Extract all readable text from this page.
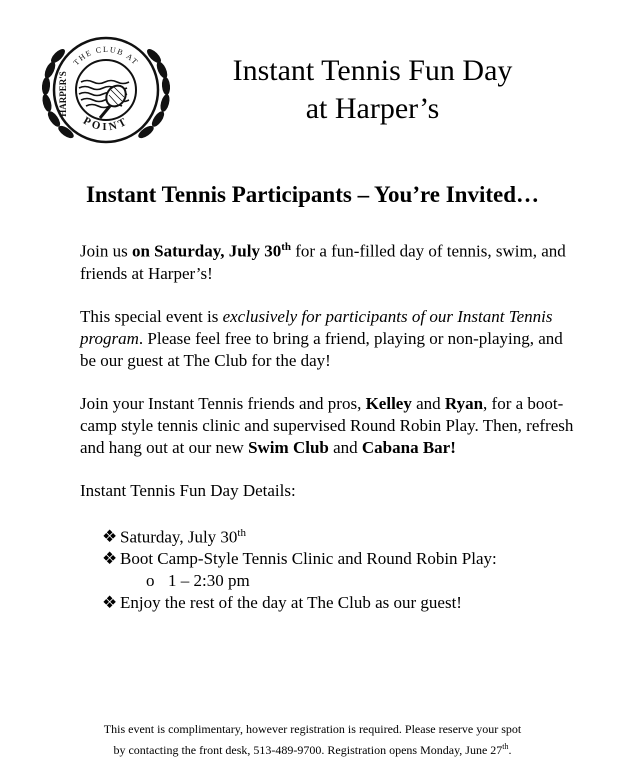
THE CLUB AT
HARPER'S
POINT
Instant Tennis Fun Day
at Harper’s
Instant Tennis Participants – You’re Invited…

Join us on Saturday, July 30th for a fun-filled day of tennis, swim, and friends at Harper’s!

This special event is exclusively for participants of our Instant Tennis program. Please feel free to bring a friend, playing or non-playing, and be our guest at The Club for the day!

Join your Instant Tennis friends and pros, Kelley and Ryan, for a boot-camp style tennis clinic and supervised Round Robin Play. Then, refresh and hang out at our new Swim Club and Cabana Bar!

Instant Tennis Fun Day Details:

❖ Saturday, July 30th
❖ Boot Camp-Style Tennis Clinic and Round Robin Play:
o 1 – 2:30 pm
❖ Enjoy the rest of the day at The Club as our guest!
This event is complimentary, however registration is required. Please reserve your spot
by contacting the front desk, 513-489-9700. Registration opens Monday, June 27th.
